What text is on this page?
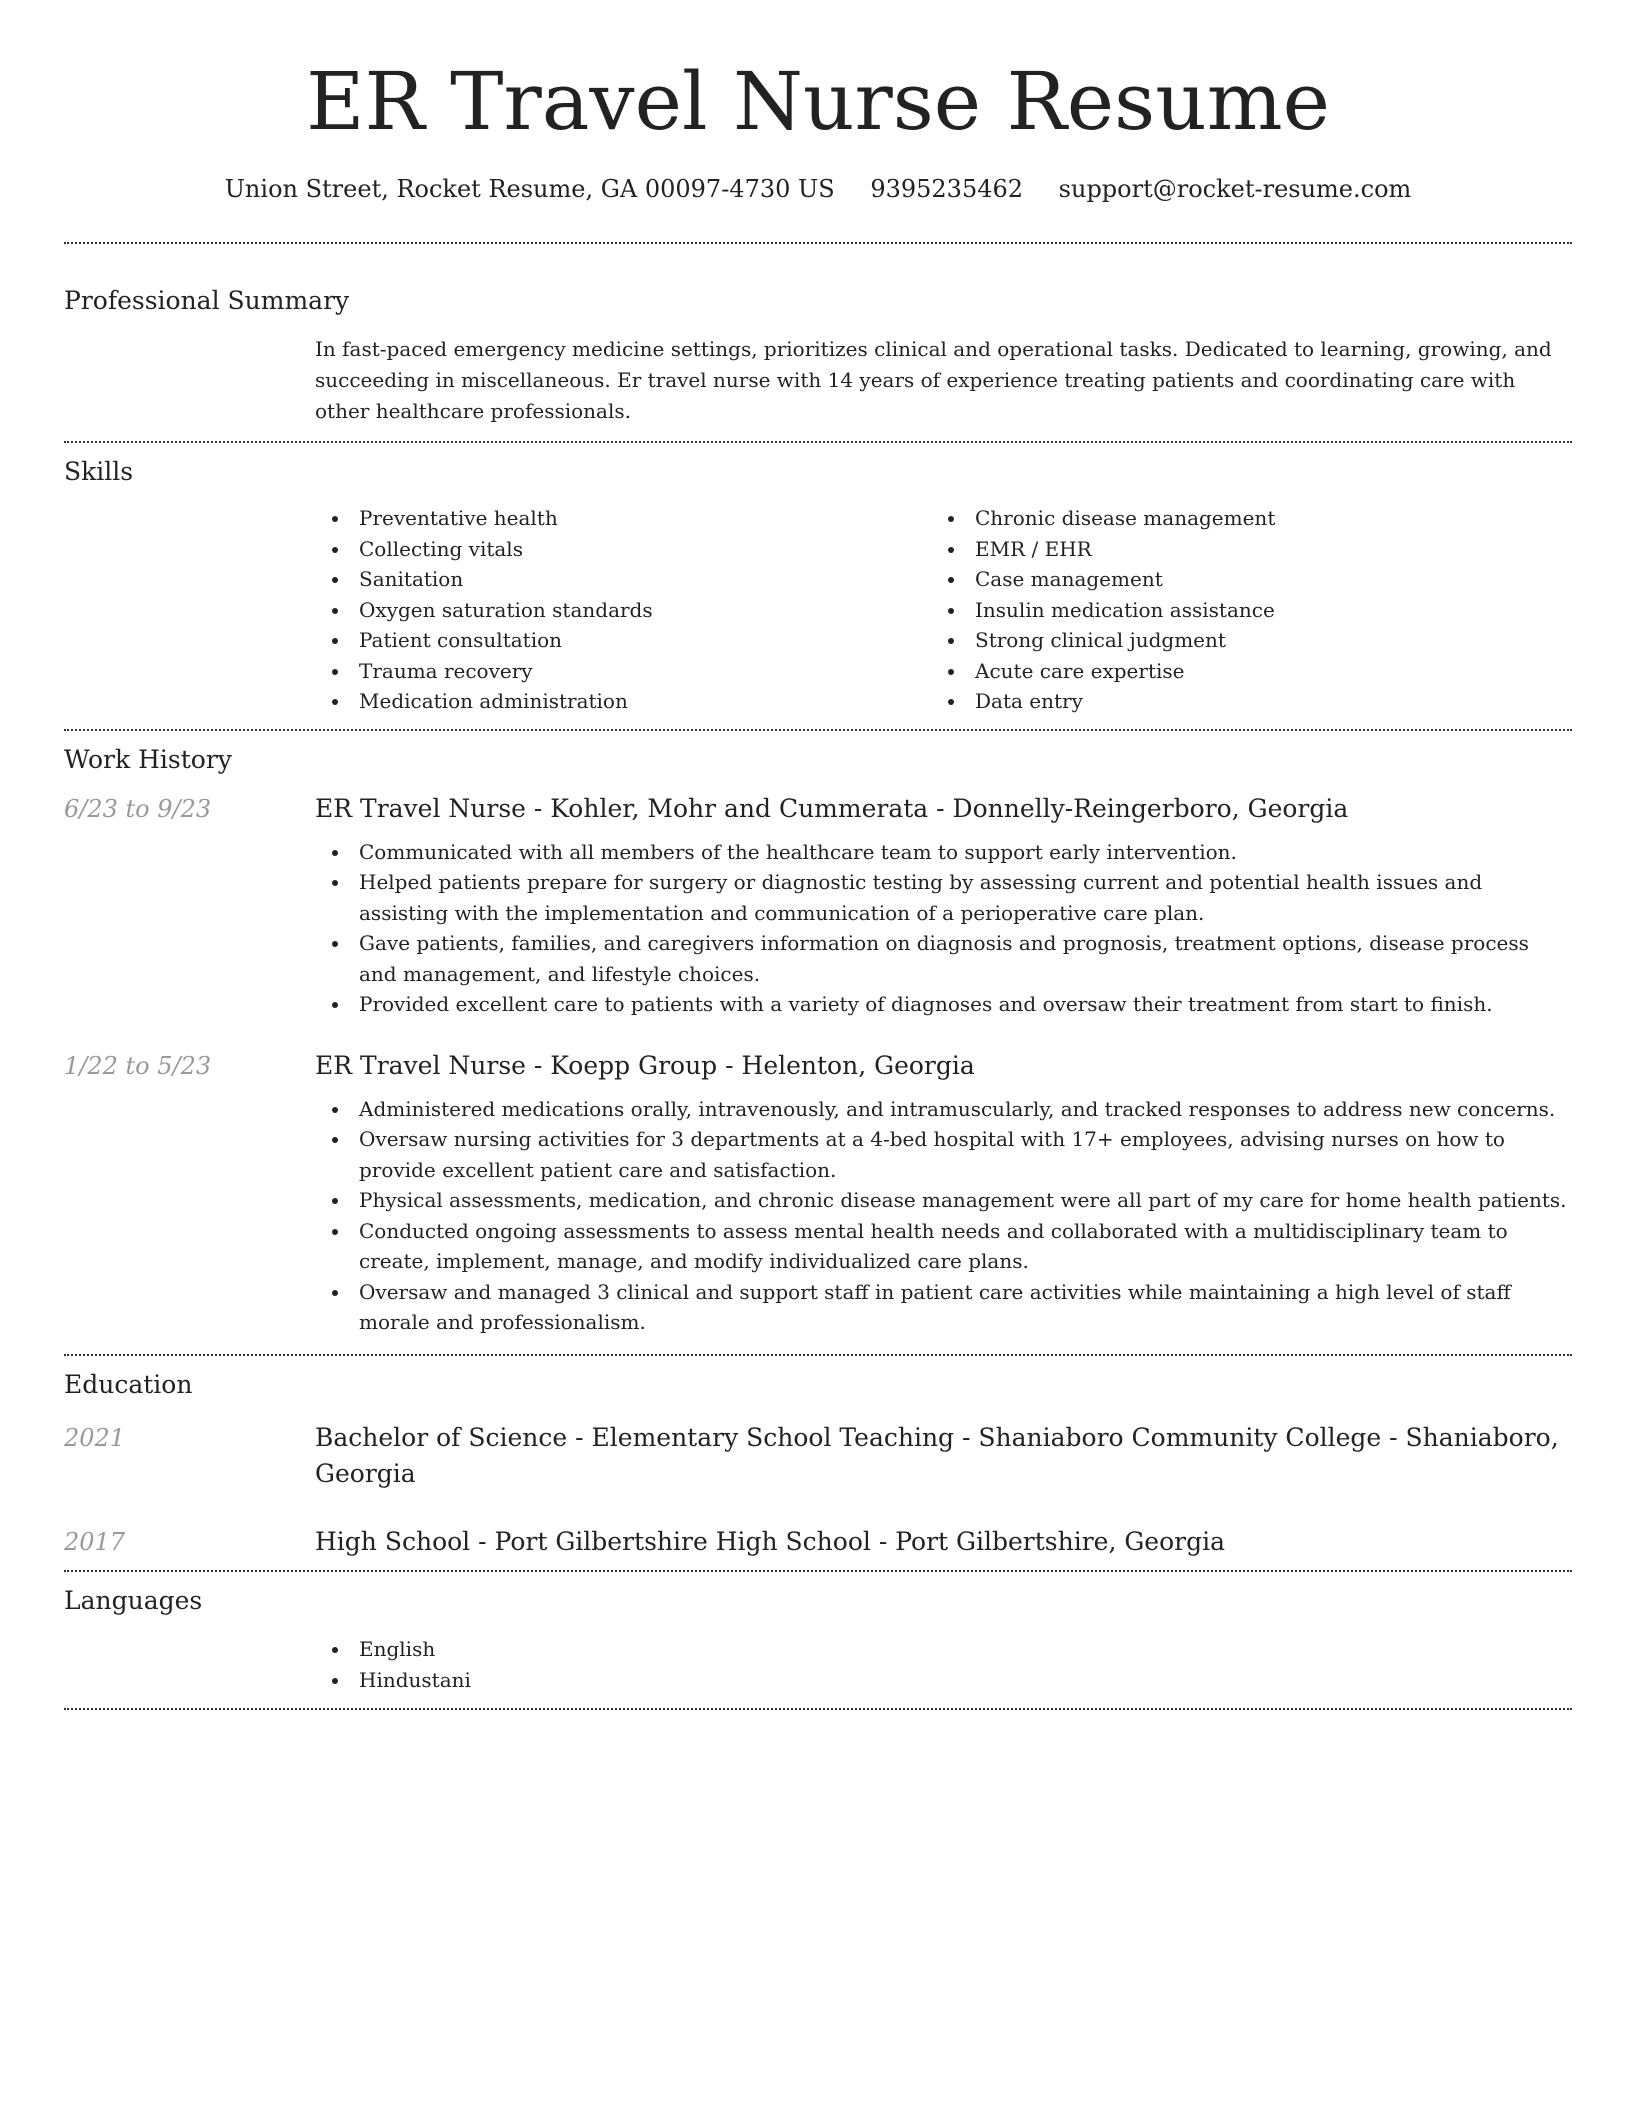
ER Travel Nurse Resume
Union Street, Rocket Resume, GA 00097-4730 US 9395235462 support@rocket-resume.com
Professional Summary

In fast-paced emergency medicine settings, prioritizes clinical and operational tasks. Dedicated to learning, growing, and succeeding in miscellaneous. Er travel nurse with 14 years of experience treating patients and coordinating care with other healthcare professionals.

Skills
Preventative health
Collecting vitals
Sanitation
Oxygen saturation standards
Patient consultation
Trauma recovery
Medication administration
Chronic disease management
EMR / EHR
Case management
Insulin medication assistance
Strong clinical judgment
Acute care expertise
Data entry
Work History
6/23 to 9/23	ER Travel Nurse - Kohler, Mohr and Cummerata - Donnelly-Reingerboro, Georgia
Communicated with all members of the healthcare team to support early intervention.
Helped patients prepare for surgery or diagnostic testing by assessing current and potential health issues and assisting with the implementation and communication of a perioperative care plan.
Gave patients, families, and caregivers information on diagnosis and prognosis, treatment options, disease process and management, and lifestyle choices.
Provided excellent care to patients with a variety of diagnoses and oversaw their treatment from start to finish.
1/22 to 5/23	ER Travel Nurse - Koepp Group - Helenton, Georgia
Administered medications orally, intravenously, and intramuscularly, and tracked responses to address new concerns.
Oversaw nursing activities for 3 departments at a 4-bed hospital with 17+ employees, advising nurses on how to provide excellent patient care and satisfaction.
Physical assessments, medication, and chronic disease management were all part of my care for home health patients.
Conducted ongoing assessments to assess mental health needs and collaborated with a multidisciplinary team to create, implement, manage, and modify individualized care plans.
Oversaw and managed 3 clinical and support staff in patient care activities while maintaining a high level of staff morale and professionalism.
Education
2021	Bachelor of Science - Elementary School Teaching - Shaniaboro Community College - Shaniaboro, Georgia
2017	High School - Port Gilbertshire High School - Port Gilbertshire, Georgia
Languages
English
Hindustani
